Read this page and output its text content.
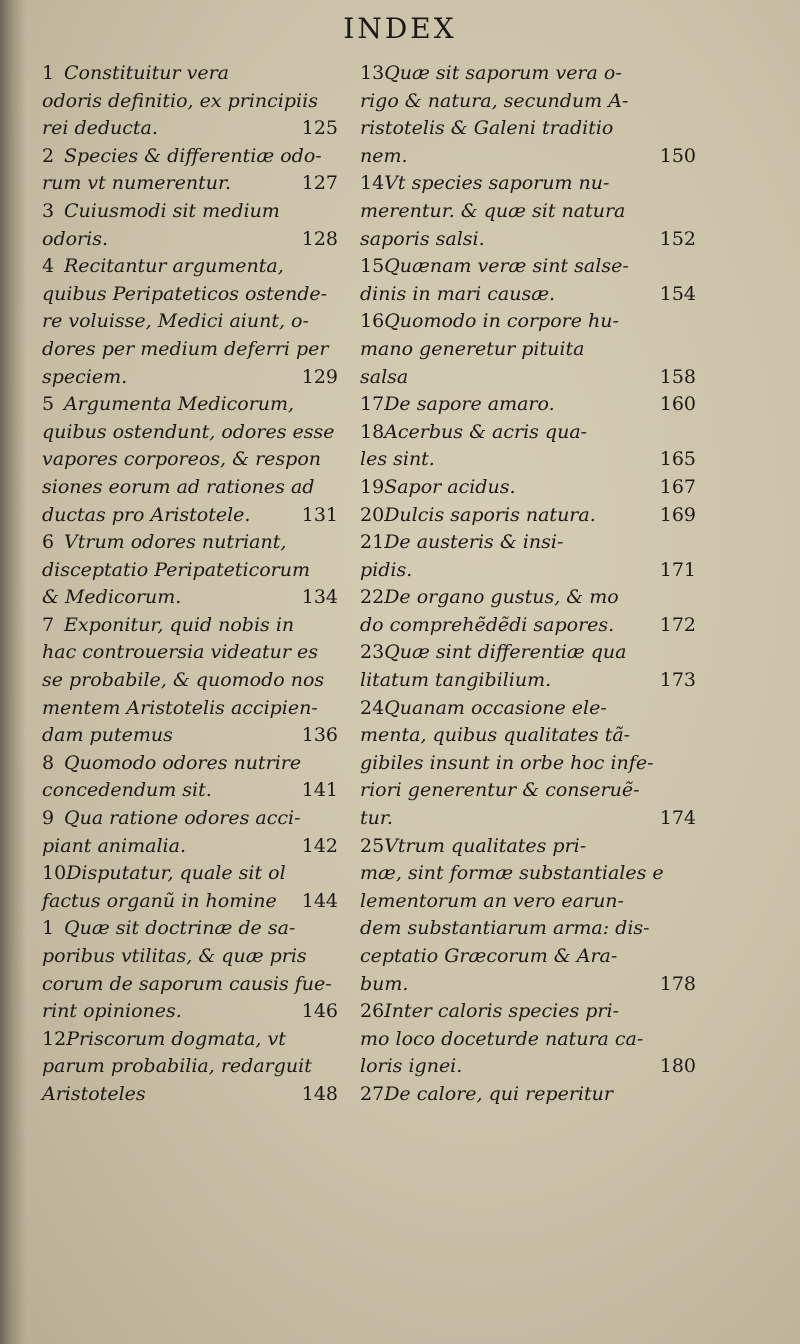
INDEX
1Constituitur vera
odoris definitio, ex principiis
rei deducta.	125
2Species & differentiæ odo-
rum vt numerentur.	127
3Cuiusmodi sit medium
odoris.	128
4Recitantur argumenta,
quibus Peripateticos ostende-
re voluisse, Medici aiunt, o-
dores per medium deferri per
speciem.	129
5Argumenta Medicorum,
quibus ostendunt, odores esse
vapores corporeos, & respon
siones eorum ad rationes ad
ductas pro Aristotele.	131
6Vtrum odores nutriant,
disceptatio Peripateticorum
& Medicorum.	134
7Exponitur, quid nobis in
hac controuersia videatur es
se probabile, & quomodo nos
mentem Aristotelis accipien-
dam putemus	136
8Quomodo odores nutrire
concedendum sit.	141
9Qua ratione odores acci-
piant animalia.	142
10Disputatur, quale sit ol
factus organũ in homine 144
1Quæ sit doctrinæ de sa-
poribus vtilitas, & quæ pris
corum de saporum causis fue-
rint opiniones.	146
12Priscorum dogmata, vt
parum probabilia, redarguit
Aristoteles	148
13Quæ sit saporum vera o-
rigo & natura, secundum A-
ristotelis & Galeni traditio
nem.	150
14Vt species saporum nu-
merentur. & quæ sit natura
saporis salsi.	152
15Quænam veræ sint salse-
dinis in mari causæ.	154
16Quomodo in corpore hu-
mano generetur pituita
salsa	158
17De sapore amaro.	160
18Acerbus & acris qua-
les sint.	165
19Sapor acidus.	167
20Dulcis saporis natura.	169
21De austeris & insi-
pidis.	171
22De organo gustus, & mo
do comprehẽdẽdi sapores. 172
23Quæ sint differentiæ qua
litatum tangibilium.	173
24Quanam occasione ele-
menta, quibus qualitates tã-
gibiles insunt in orbe hoc infe-
riori generentur & conseruẽ-
tur.	174
25Vtrum qualitates pri-
mæ, sint formæ substantiales e
lementorum an vero earun-
dem substantiarum arma: dis-
ceptatio Græcorum & Ara-
bum.	178
26Inter caloris species pri-
mo loco doceturde natura ca-
loris ignei.	180
27De calore, qui reperitur
